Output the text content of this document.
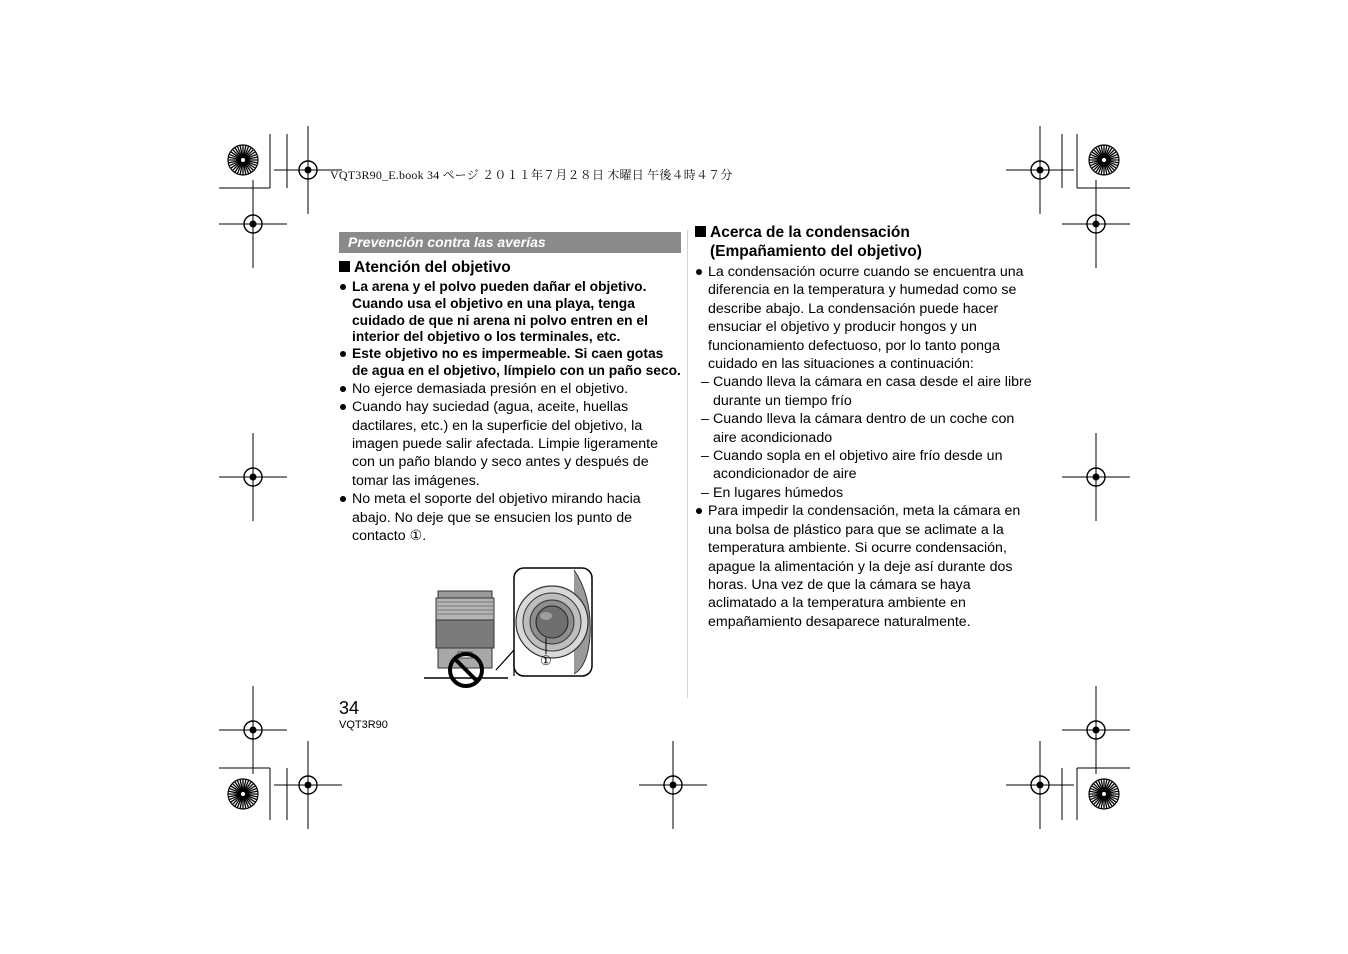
VQT3R90_E.book 34 ページ ２０１１年７月２８日 木曜日 午後４時４７分
Prevención contra las averías
Atención del objetivo
La arena y el polvo pueden dañar el objetivo. Cuando usa el objetivo en una playa, tenga cuidado de que ni arena ni polvo entren en el interior del objetivo o los terminales, etc.
Este objetivo no es impermeable. Si caen gotas de agua en el objetivo, límpielo con un paño seco.
No ejerce demasiada presión en el objetivo.
Cuando hay suciedad (agua, aceite, huellas dactilares, etc.) en la superficie del objetivo, la imagen puede salir afectada. Limpie ligeramente con un paño blando y seco antes y después de tomar las imágenes.
No meta el soporte del objetivo mirando hacia abajo. No deje que se ensucien los punto de contacto ①.
①
Acerca de la condensación
(Empañamiento del objetivo)
La condensación ocurre cuando se encuentra una diferencia en la temperatura y humedad como se describe abajo. La condensación puede hacer ensuciar el objetivo y producir hongos y un funcionamiento defectuoso, por lo tanto ponga cuidado en las situaciones a continuación:
– Cuando lleva la cámara en casa desde el aire libre durante un tiempo frío
– Cuando lleva la cámara dentro de un coche con aire acondicionado
– Cuando sopla en el objetivo aire frío desde un acondicionador de aire
– En lugares húmedos
Para impedir la condensación, meta la cámara en una bolsa de plástico para que se aclimate a la temperatura ambiente. Si ocurre condensación, apague la alimentación y la deje así durante dos horas. Una vez de que la cámara se haya aclimatado a la temperatura ambiente en empañamiento desaparece naturalmente.
34
VQT3R90
